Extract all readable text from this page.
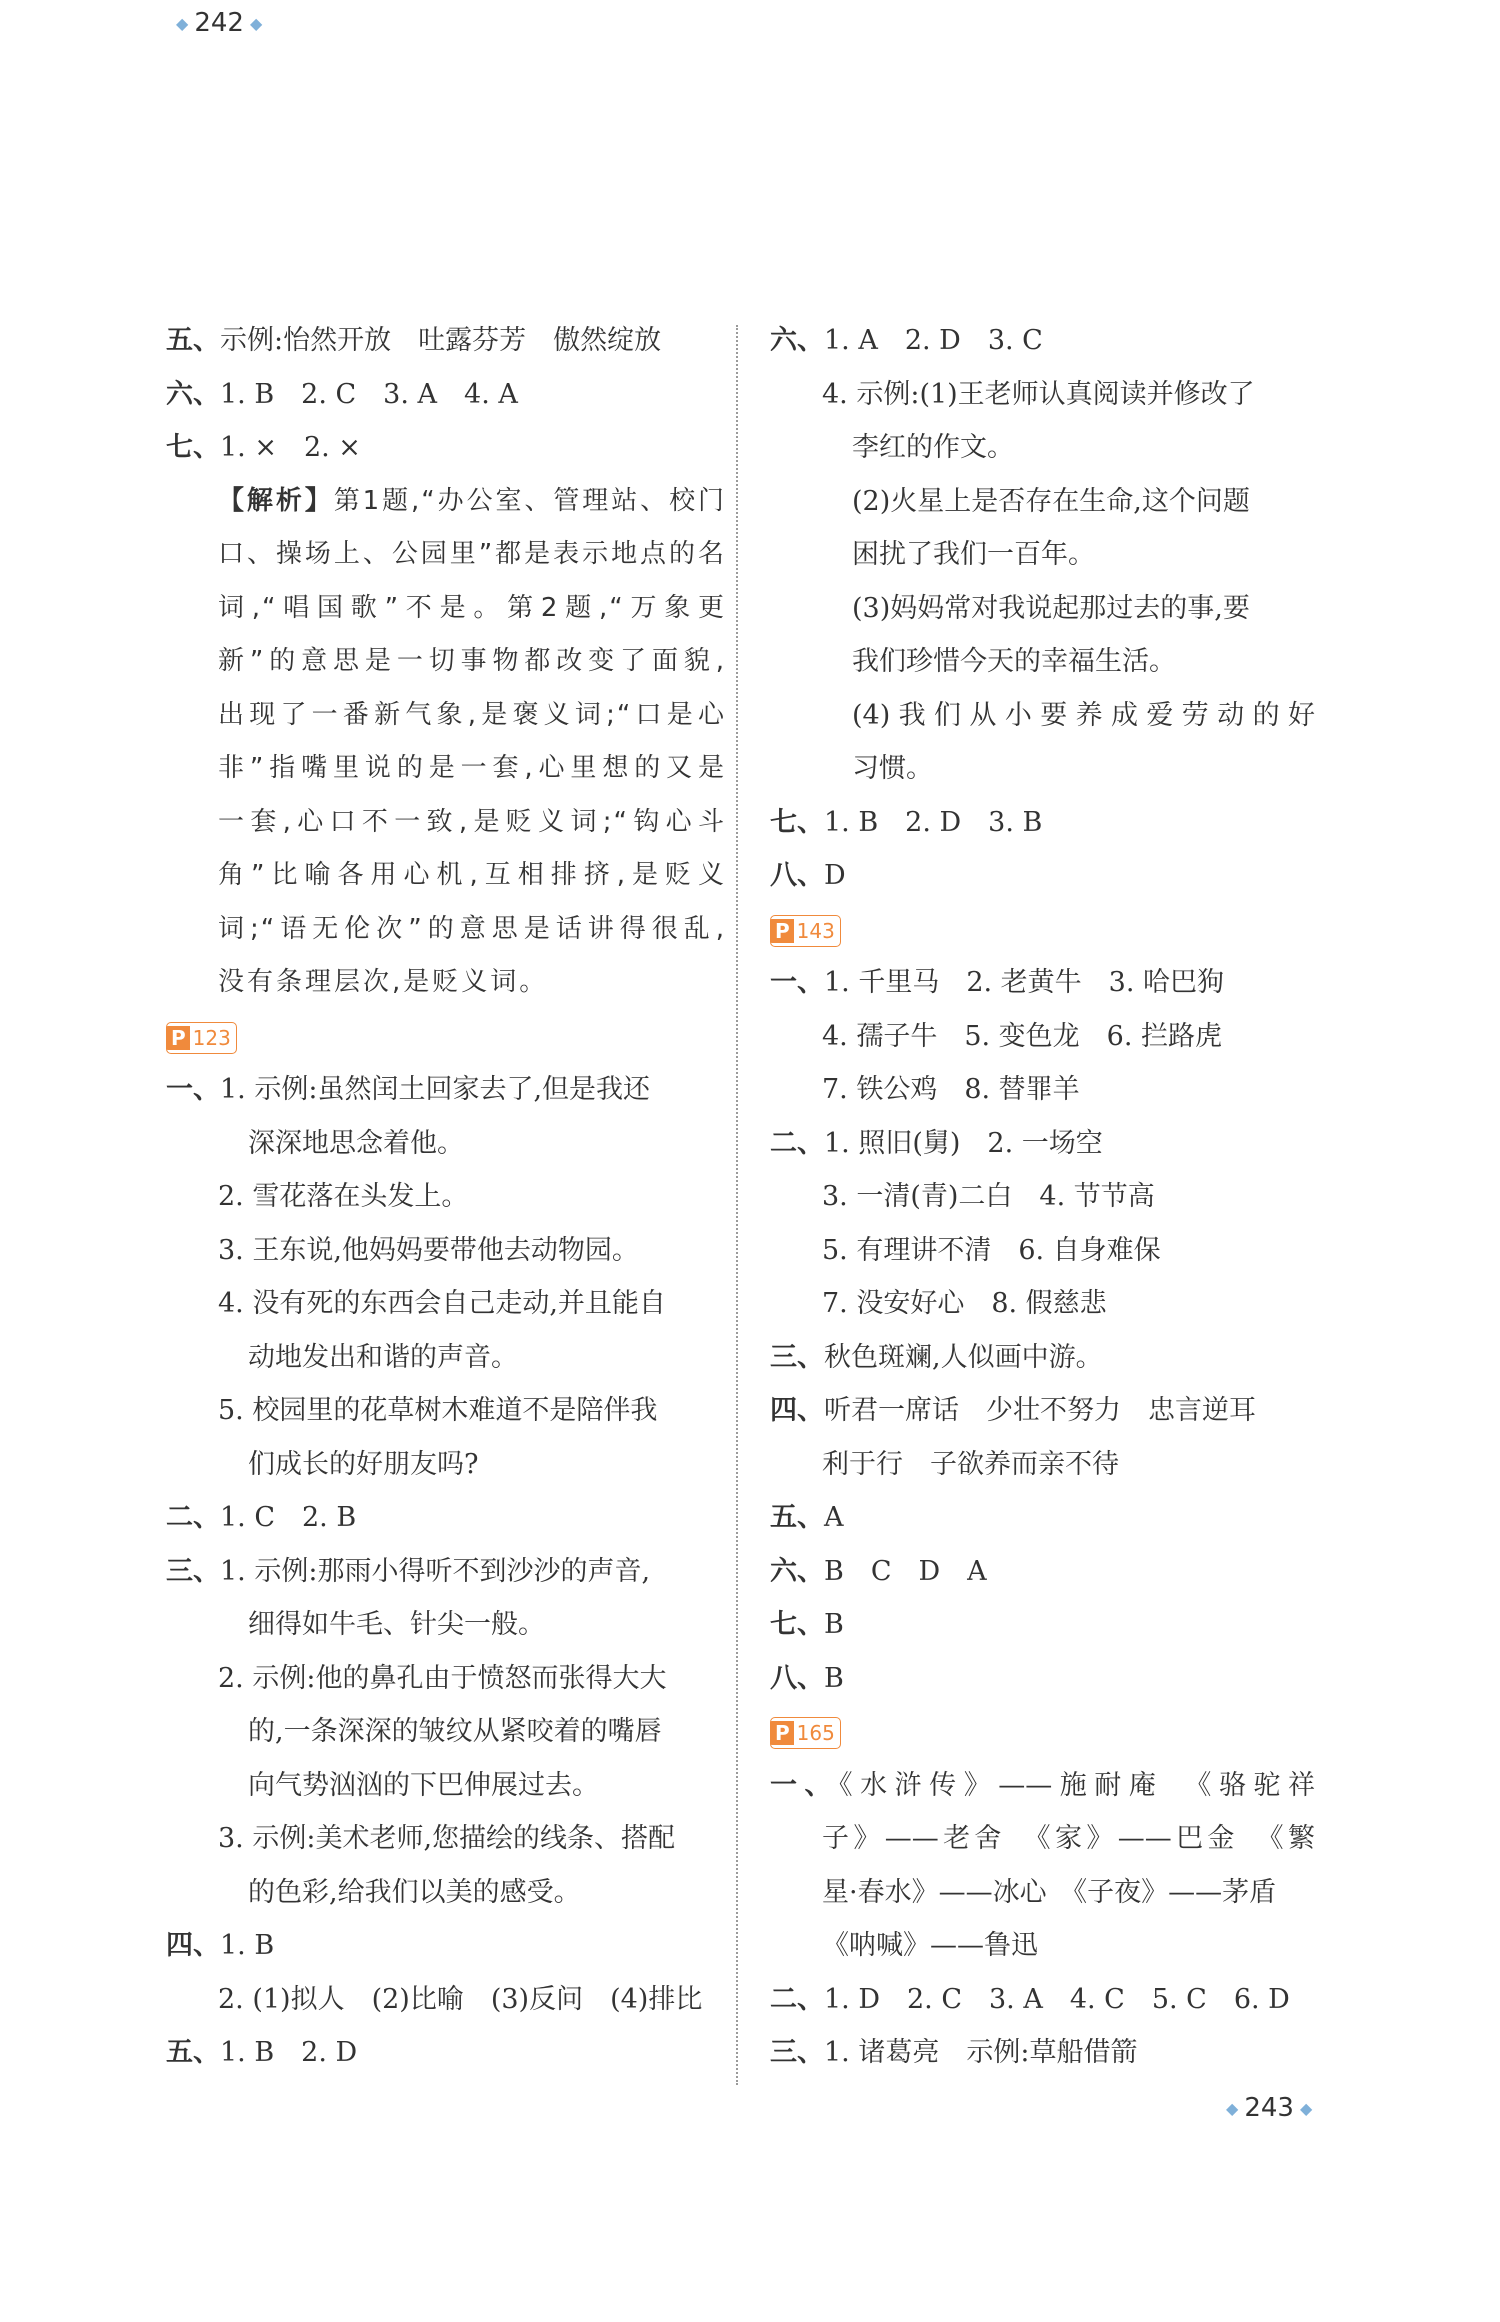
◆ 242 ◆
五、示例:怡然开放　吐露芬芳　傲然绽放
六、1. B　2. C　3. A　4. A
七、1. ×　2. ×
【解析】第1题,“办公室、管理站、校门
口、操场上、公园里”都是表示地点的名
词,“唱国歌”不是。第2题,“万象更
新”的意思是一切事物都改变了面貌,
出现了一番新气象,是褒义词;“口是心
非”指嘴里说的是一套,心里想的又是
一套,心口不一致,是贬义词;“钩心斗
角”比喻各用心机,互相排挤,是贬义
词;“语无伦次”的意思是话讲得很乱,
没有条理层次,是贬义词。
P 123
一、1. 示例:虽然闰土回家去了,但是我还
深深地思念着他。
2. 雪花落在头发上。
3. 王东说,他妈妈要带他去动物园。
4. 没有死的东西会自己走动,并且能自
动地发出和谐的声音。
5. 校园里的花草树木难道不是陪伴我
们成长的好朋友吗?
二、1. C　2. B
三、1. 示例:那雨小得听不到沙沙的声音,
细得如牛毛、针尖一般。
2. 示例:他的鼻孔由于愤怒而张得大大
的,一条深深的皱纹从紧咬着的嘴唇
向气势汹汹的下巴伸展过去。
3. 示例:美术老师,您描绘的线条、搭配
的色彩,给我们以美的感受。
四、1. B
2. (1)拟人　(2)比喻　(3)反问　(4)排比
五、1. B　2. D
六、1. A　2. D　3. C
4. 示例:(1)王老师认真阅读并修改了
李红的作文。
(2)火星上是否存在生命,这个问题
困扰了我们一百年。
(3)妈妈常对我说起那过去的事,要
我们珍惜今天的幸福生活。
(4)我们从小要养成爱劳动的好
习惯。
七、1. B　2. D　3. B
八、D
P 143
一、1. 千里马　2. 老黄牛　3. 哈巴狗
4. 孺子牛　5. 变色龙　6. 拦路虎
7. 铁公鸡　8. 替罪羊
二、1. 照旧(舅)　2. 一场空
3. 一清(青)二白　4. 节节高
5. 有理讲不清　6. 自身难保
7. 没安好心　8. 假慈悲
三、秋色斑斓,人似画中游。
四、听君一席话　少壮不努力　忠言逆耳
利于行　子欲养而亲不待
五、A
六、B　C　D　A
七、B
八、B
P 165
一、《水浒传》——施耐庵　《骆驼祥
子》——老舍　《家》——巴金　《繁
星·春水》——冰心　《子夜》——茅盾
《呐喊》——鲁迅
二、1. D　2. C　3. A　4. C　5. C　6. D
三、1. 诸葛亮　示例:草船借箭
◆ 243 ◆
